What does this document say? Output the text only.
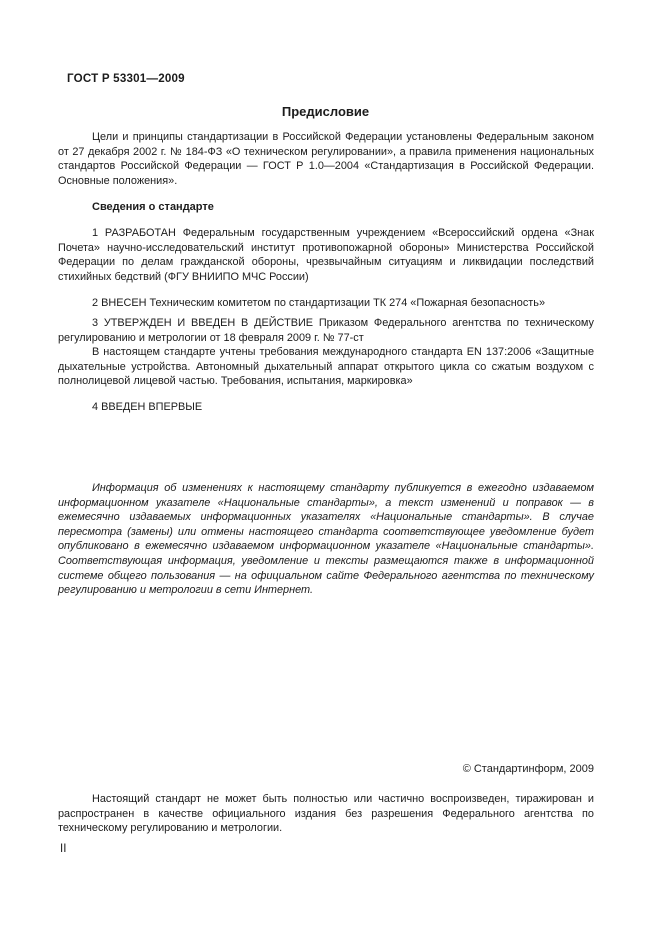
ГОСТ Р 53301—2009
Предисловие

Цели и принципы стандартизации в Российской Федерации установлены Федеральным законом от 27 декабря 2002 г. № 184-ФЗ «О техническом регулировании», а правила применения национальных стандартов Российской Федерации — ГОСТ Р 1.0—2004 «Стандартизация в Российской Федерации. Основные положения».

Сведения о стандарте

1 РАЗРАБОТАН Федеральным государственным учреждением «Всероссийский ордена «Знак Почета» научно-исследовательский институт противопожарной обороны» Министерства Российской Федерации по делам гражданской обороны, чрезвычайным ситуациям и ликвидации последствий стихийных бедствий (ФГУ ВНИИПО МЧС России)

2 ВНЕСЕН Техническим комитетом по стандартизации ТК 274 «Пожарная безопасность»

3 УТВЕРЖДЕН И ВВЕДЕН В ДЕЙСТВИЕ Приказом Федерального агентства по техническому регулированию и метрологии от 18 февраля 2009 г. № 77-ст

В настоящем стандарте учтены требования международного стандарта EN 137:2006 «Защитные дыхательные устройства. Автономный дыхательный аппарат открытого цикла со сжатым воздухом с полнолицевой лицевой частью. Требования, испытания, маркировка»

4 ВВЕДЕН ВПЕРВЫЕ

Информация об изменениях к настоящему стандарту публикуется в ежегодно издаваемом информационном указателе «Национальные стандарты», а текст изменений и поправок — в ежемесячно издаваемых информационных указателях «Национальные стандарты». В случае пересмотра (замены) или отмены настоящего стандарта соответствующее уведомление будет опубликовано в ежемесячно издаваемом информационном указателе «Национальные стандарты». Соответствующая информация, уведомление и тексты размещаются также в информационной системе общего пользования — на официальном сайте Федерального агентства по техническому регулированию и метрологии в сети Интернет.

© Стандартинформ, 2009

Настоящий стандарт не может быть полностью или частично воспроизведен, тиражирован и распространен в качестве официального издания без разрешения Федерального агентства по техническому регулированию и метрологии.

II
